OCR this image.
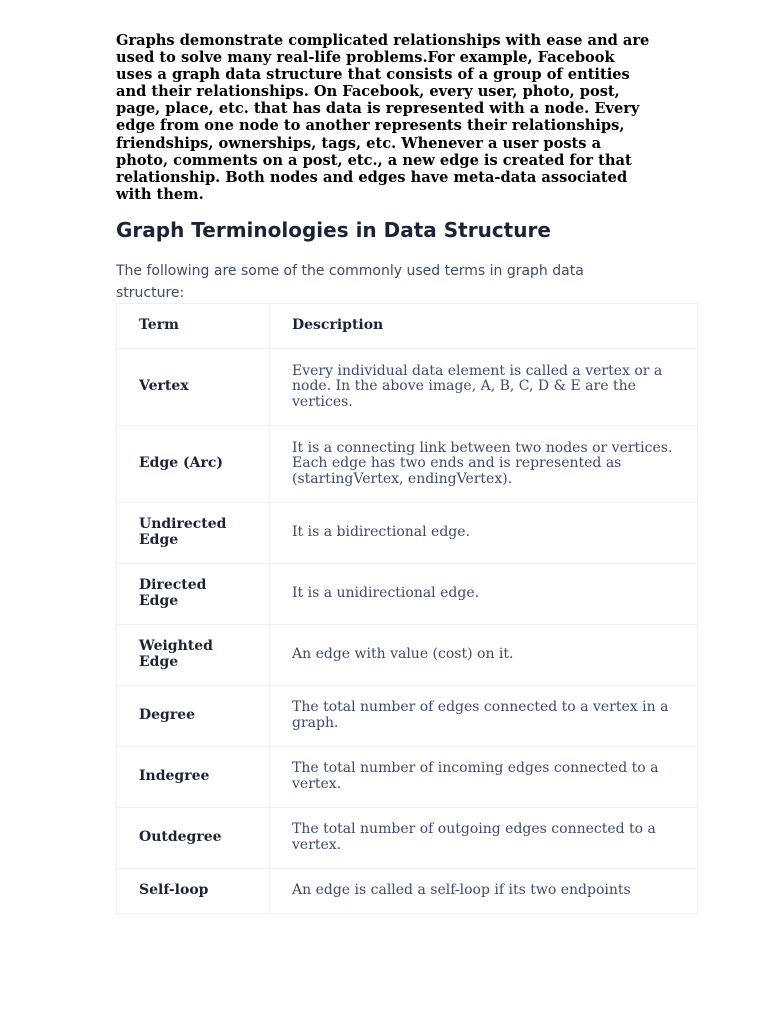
Graphs demonstrate complicated relationships with ease and are used to solve many real-life problems.For example, Facebook uses a graph data structure that consists of a group of entities and their relationships. On Facebook, every user, photo, post, page, place, etc. that has data is represented with a node. Every edge from one node to another represents their relationships, friendships, ownerships, tags, etc. Whenever a user posts a photo, comments on a post, etc., a new edge is created for that relationship. Both nodes and edges have meta-data associated with them.

Graph Terminologies in Data Structure

The following are some of the commonly used terms in graph data structure:

Term	Description
Vertex	Every individual data element is called a vertex or a node. In the above image, A, B, C, D & E are the vertices.
Edge (Arc)	It is a connecting link between two nodes or vertices. Each edge has two ends and is represented as (startingVertex, endingVertex).
Undirected Edge	It is a bidirectional edge.
Directed Edge	It is a unidirectional edge.
Weighted Edge	An edge with value (cost) on it.
Degree	The total number of edges connected to a vertex in a graph.
Indegree	The total number of incoming edges connected to a vertex.
Outdegree	The total number of outgoing edges connected to a vertex.
Self-loop	An edge is called a self-loop if its two endpoints
